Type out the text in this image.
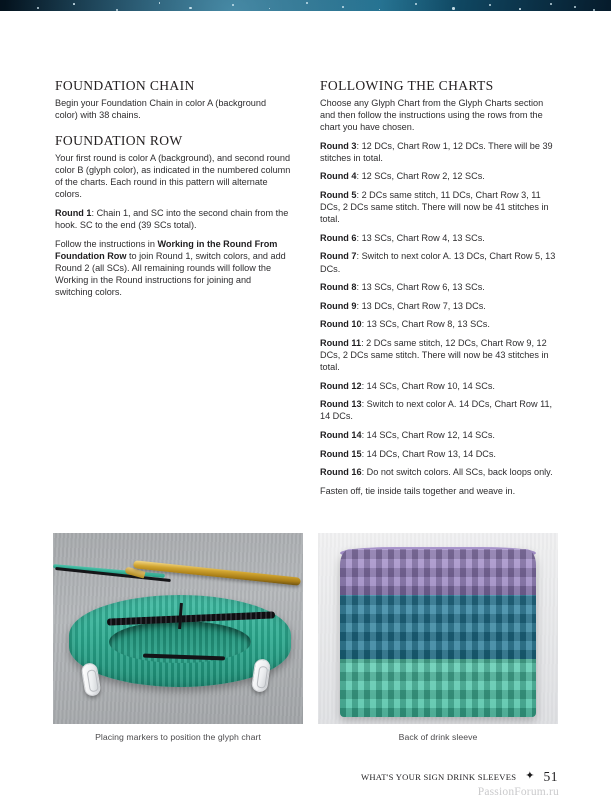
FOUNDATION CHAIN

Begin your Foundation Chain in color A (background color) with 38 chains.

FOUNDATION ROW

Your first round is color A (background), and second round color B (glyph color), as indicated in the numbered column of the charts. Each round in this pattern will alternate colors.

Round 1: Chain 1, and SC into the second chain from the hook. SC to the end (39 SCs total).

Follow the instructions in Working in the Round From Foundation Row to join Round 1, switch colors, and add Round 2 (all SCs). All remaining rounds will follow the Working in the Round instructions for joining and switching colors.

FOLLOWING THE CHARTS

Choose any Glyph Chart from the Glyph Charts section and then follow the instructions using the rows from the chart you have chosen.

Round 3: 12 DCs, Chart Row 1, 12 DCs. There will be 39 stitches in total.

Round 4: 12 SCs, Chart Row 2, 12 SCs.

Round 5: 2 DCs same stitch, 11 DCs, Chart Row 3, 11 DCs, 2 DCs same stitch. There will now be 41 stitches in total.

Round 6: 13 SCs, Chart Row 4, 13 SCs.

Round 7: Switch to next color A. 13 DCs, Chart Row 5, 13 DCs.

Round 8: 13 SCs, Chart Row 6, 13 SCs.

Round 9: 13 DCs, Chart Row 7, 13 DCs.

Round 10: 13 SCs, Chart Row 8, 13 SCs.

Round 11: 2 DCs same stitch, 12 DCs, Chart Row 9, 12 DCs, 2 DCs same stitch. There will now be 43 stitches in total.

Round 12: 14 SCs, Chart Row 10, 14 SCs.

Round 13: Switch to next color A. 14 DCs, Chart Row 11, 14 DCs.

Round 14: 14 SCs, Chart Row 12, 14 SCs.

Round 15: 14 DCs, Chart Row 13, 14 DCs.

Round 16: Do not switch colors. All SCs, back loops only.

Fasten off, tie inside tails together and weave in.

Placing markers to position the glyph chart	Back of drink sleeve
WHAT'S YOUR SIGN DRINK SLEEVES ✦ 51
PassionForum.ru
